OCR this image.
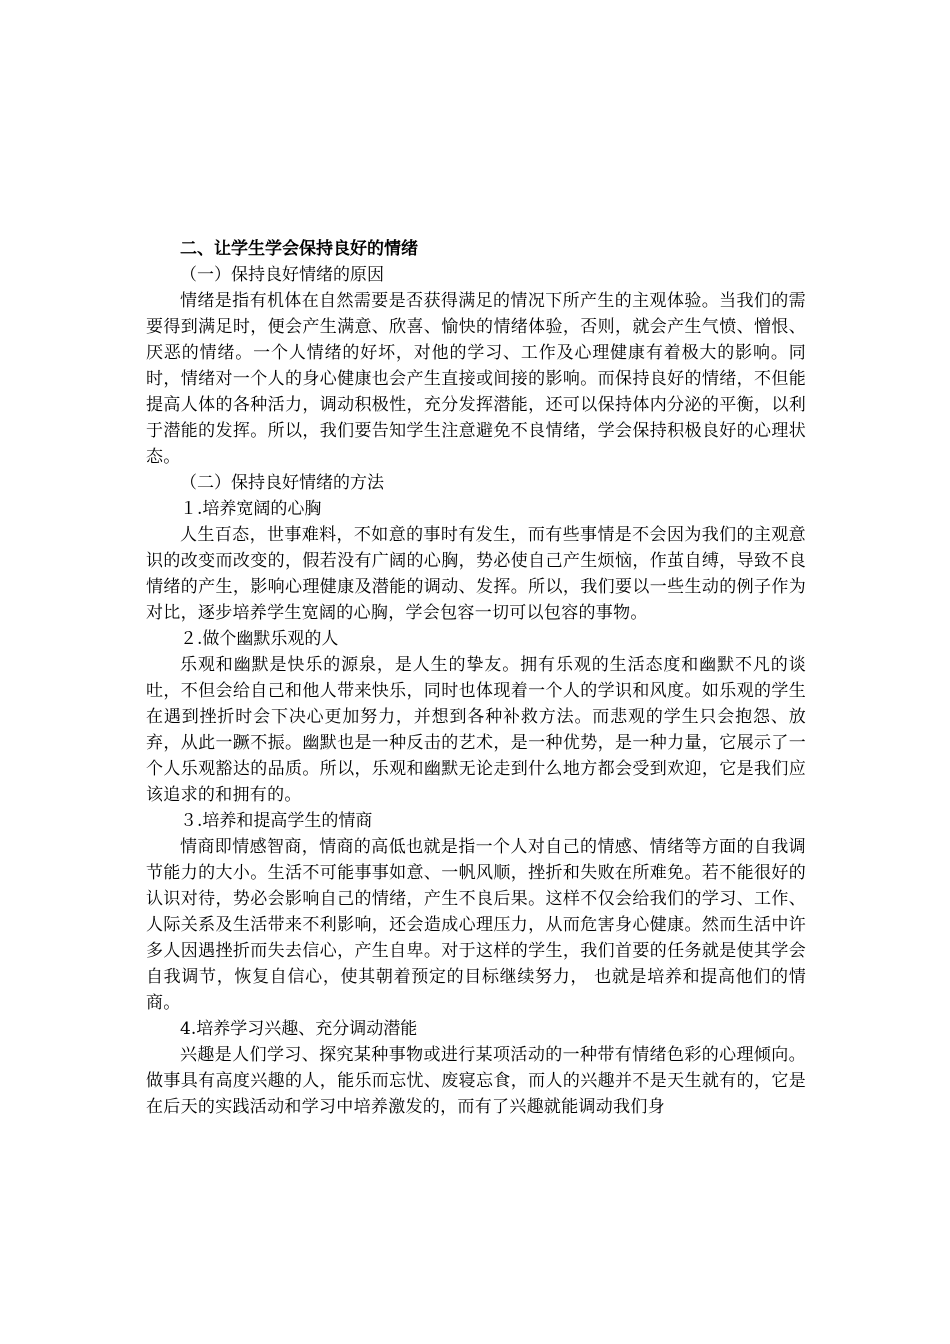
二、让学生学会保持良好的情绪

（一）保持良好情绪的原因

情绪是指有机体在自然需要是否获得满足的情况下所产生的主观体验。当我们的需要得到满足时，便会产生满意、欣喜、愉快的情绪体验，否则，就会产生气愤、憎恨、厌恶的情绪。一个人情绪的好坏，对他的学习、工作及心理健康有着极大的影响。同时，情绪对一个人的身心健康也会产生直接或间接的影响。而保持良好的情绪，不但能提高人体的各种活力，调动积极性，充分发挥潜能，还可以保持体内分泌的平衡，以利于潜能的发挥。所以，我们要告知学生注意避免不良情绪，学会保持积极良好的心理状态。

（二）保持良好情绪的方法

１.培养宽阔的心胸

人生百态，世事难料，不如意的事时有发生，而有些事情是不会因为我们的主观意识的改变而改变的，假若没有广阔的心胸，势必使自己产生烦恼，作茧自缚，导致不良情绪的产生，影响心理健康及潜能的调动、发挥。所以，我们要以一些生动的例子作为对比，逐步培养学生宽阔的心胸，学会包容一切可以包容的事物。

２.做个幽默乐观的人

乐观和幽默是快乐的源泉，是人生的挚友。拥有乐观的生活态度和幽默不凡的谈吐，不但会给自己和他人带来快乐，同时也体现着一个人的学识和风度。如乐观的学生在遇到挫折时会下决心更加努力，并想到各种补救方法。而悲观的学生只会抱怨、放弃，从此一蹶不振。幽默也是一种反击的艺术，是一种优势，是一种力量，它展示了一个人乐观豁达的品质。所以，乐观和幽默无论走到什么地方都会受到欢迎，它是我们应该追求的和拥有的。

３.培养和提高学生的情商

情商即情感智商，情商的高低也就是指一个人对自己的情感、情绪等方面的自我调节能力的大小。生活不可能事事如意、一帆风顺，挫折和失败在所难免。若不能很好的认识对待，势必会影响自己的情绪，产生不良后果。这样不仅会给我们的学习、工作、人际关系及生活带来不利影响，还会造成心理压力，从而危害身心健康。然而生活中许多人因遇挫折而失去信心，产生自卑。对于这样的学生，我们首要的任务就是使其学会自我调节，恢复自信心，使其朝着预定的目标继续努力， 也就是培养和提高他们的情商。

4.培养学习兴趣、充分调动潜能

兴趣是人们学习、探究某种事物或进行某项活动的一种带有情绪色彩的心理倾向。做事具有高度兴趣的人，能乐而忘忧、废寝忘食，而人的兴趣并不是天生就有的，它是在后天的实践活动和学习中培养激发的，而有了兴趣就能调动我们身
